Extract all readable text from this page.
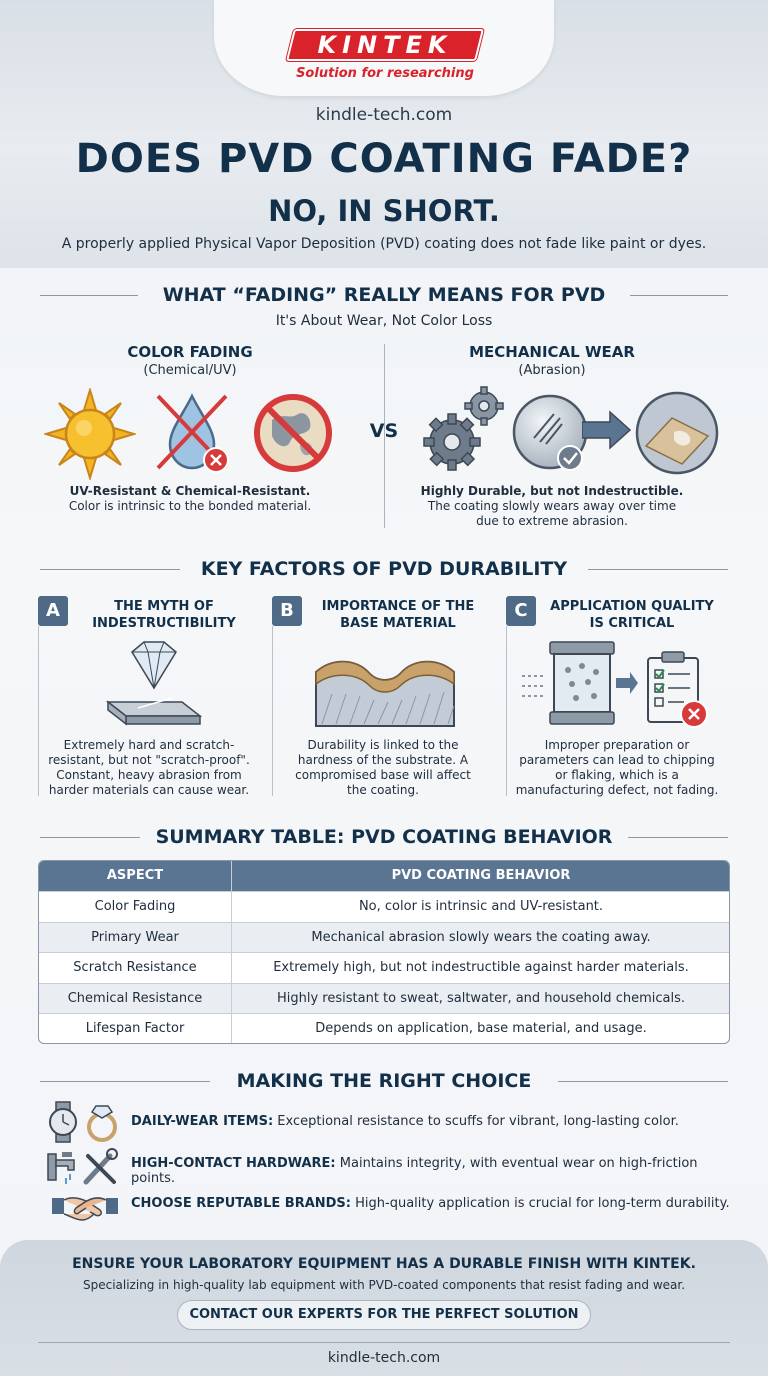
KINTEK
Solution for researching
kindle-tech.com
DOES PVD COATING FADE?
NO, IN SHORT.
A properly applied Physical Vapor Deposition (PVD) coating does not fade like paint or dyes.
WHAT “FADING” REALLY MEANS FOR PVD
It's About Wear, Not Color Loss
COLOR FADING
(Chemical/UV)
MECHANICAL WEAR
(Abrasion)
VS
UV-Resistant & Chemical-Resistant.
Color is intrinsic to the bonded material.
Highly Durable, but not Indestructible.
The coating slowly wears away over time
due to extreme abrasion.
KEY FACTORS OF PVD DURABILITY
A	THE MYTH OF
INDESTRUCTIBILITY
Extremely hard and scratch-
resistant, but not "scratch-proof".
Constant, heavy abrasion from
harder materials can cause wear.
B	IMPORTANCE OF THE
BASE MATERIAL
Durability is linked to the
hardness of the substrate. A
compromised base will affect
the coating.
C	APPLICATION QUALITY
IS CRITICAL
Improper preparation or
parameters can lead to chipping
or flaking, which is a
manufacturing defect, not fading.
SUMMARY TABLE: PVD COATING BEHAVIOR
ASPECT	PVD COATING BEHAVIOR
Color Fading	No, color is intrinsic and UV-resistant.
Primary Wear	Mechanical abrasion slowly wears the coating away.
Scratch Resistance	Extremely high, but not indestructible against harder materials.
Chemical Resistance	Highly resistant to sweat, saltwater, and household chemicals.
Lifespan Factor	Depends on application, base material, and usage.
MAKING THE RIGHT CHOICE
DAILY-WEAR ITEMS: Exceptional resistance to scuffs for vibrant, long-lasting color.
HIGH-CONTACT HARDWARE: Maintains integrity, with eventual wear on high-friction points.
CHOOSE REPUTABLE BRANDS: High-quality application is crucial for long-term durability.
ENSURE YOUR LABORATORY EQUIPMENT HAS A DURABLE FINISH WITH KINTEK.
Specializing in high-quality lab equipment with PVD-coated components that resist fading and wear.
CONTACT OUR EXPERTS FOR THE PERFECT SOLUTION
kindle-tech.com
